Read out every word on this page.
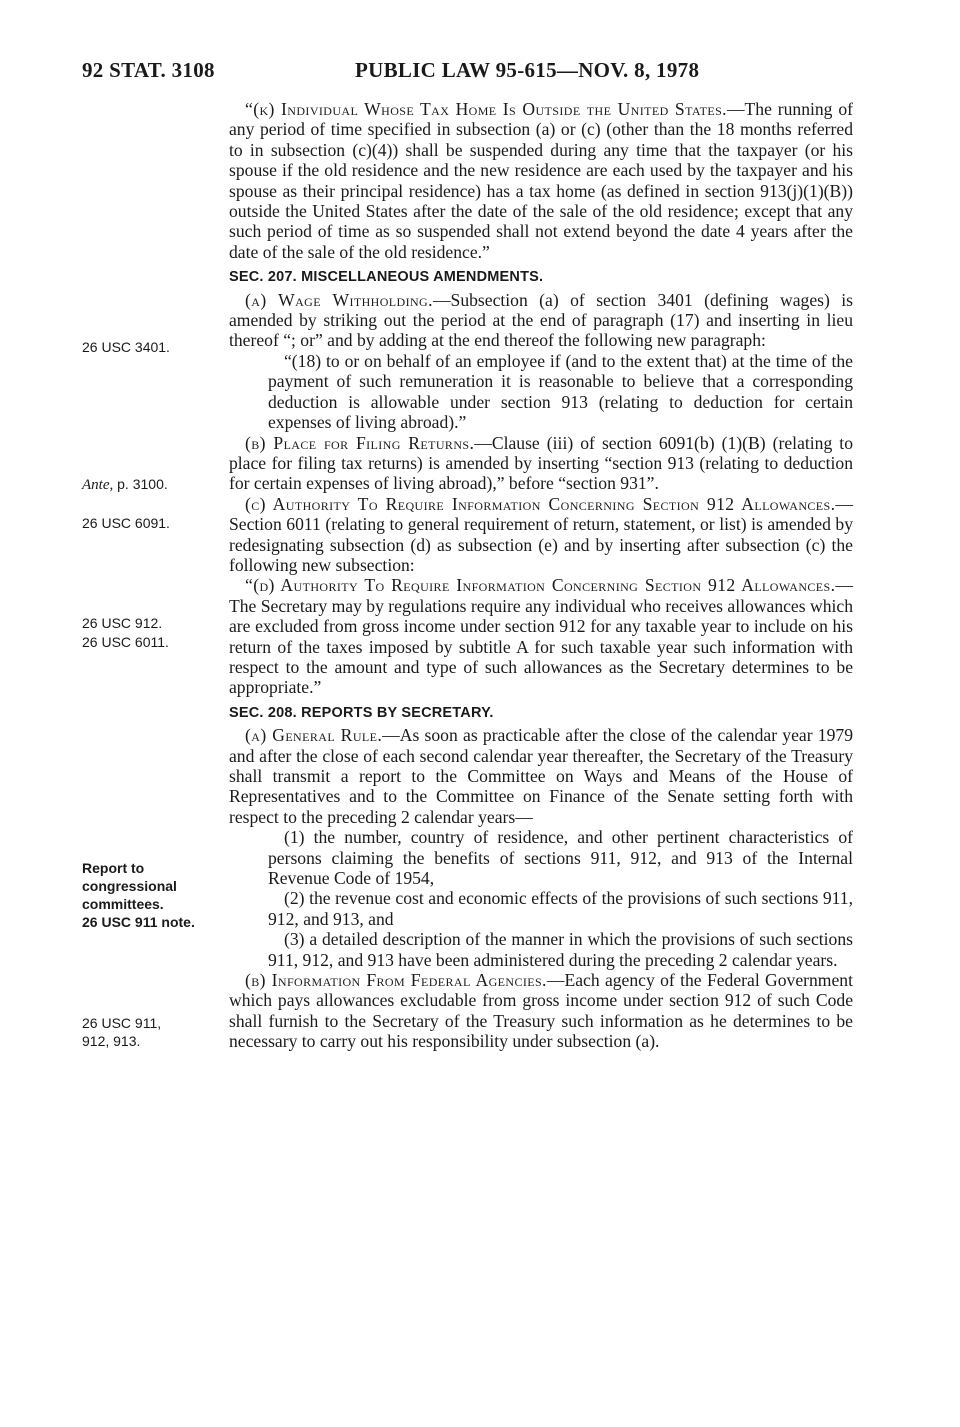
92 STAT. 3108	PUBLIC LAW 95-615—NOV. 8, 1978
26 USC 3401.
Ante, p. 3100.
26 USC 6091.
26 USC 912.
26 USC 6011.
Report to
congressional
committees.
26 USC 911 note.
26 USC 911,
912, 913.

“(k) Individual Whose Tax Home Is Outside the United States.—The running of any period of time specified in subsection (a) or (c) (other than the 18 months referred to in subsection (c)(4)) shall be suspended during any time that the taxpayer (or his spouse if the old residence and the new residence are each used by the taxpayer and his spouse as their principal residence) has a tax home (as defined in section 913(j)(1)(B)) outside the United States after the date of the sale of the old residence; except that any such period of time as so suspended shall not extend beyond the date 4 years after the date of the sale of the old residence.”

SEC. 207. MISCELLANEOUS AMENDMENTS.

(a) Wage Withholding.—Subsection (a) of section 3401 (defining wages) is amended by striking out the period at the end of paragraph (17) and inserting in lieu thereof “; or” and by adding at the end thereof the following new paragraph:

“(18) to or on behalf of an employee if (and to the extent that) at the time of the payment of such remuneration it is reasonable to believe that a corresponding deduction is allowable under section 913 (relating to deduction for certain expenses of living abroad).”

(b) Place for Filing Returns.—Clause (iii) of section 6091(b) (1)(B) (relating to place for filing tax returns) is amended by inserting “section 913 (relating to deduction for certain expenses of living abroad),” before “section 931”.

(c) Authority To Require Information Concerning Section 912 Allowances.—Section 6011 (relating to general requirement of return, statement, or list) is amended by redesignating subsection (d) as subsection (e) and by inserting after subsection (c) the following new subsection:

“(d) Authority To Require Information Concerning Section 912 Allowances.—The Secretary may by regulations require any individual who receives allowances which are excluded from gross income under section 912 for any taxable year to include on his return of the taxes imposed by subtitle A for such taxable year such information with respect to the amount and type of such allowances as the Secretary determines to be appropriate.”

SEC. 208. REPORTS BY SECRETARY.

(a) General Rule.—As soon as practicable after the close of the calendar year 1979 and after the close of each second calendar year thereafter, the Secretary of the Treasury shall transmit a report to the Committee on Ways and Means of the House of Representatives and to the Committee on Finance of the Senate setting forth with respect to the preceding 2 calendar years—

(1) the number, country of residence, and other pertinent characteristics of persons claiming the benefits of sections 911, 912, and 913 of the Internal Revenue Code of 1954,

(2) the revenue cost and economic effects of the provisions of such sections 911, 912, and 913, and

(3) a detailed description of the manner in which the provisions of such sections 911, 912, and 913 have been administered during the preceding 2 calendar years.

(b) Information From Federal Agencies.—Each agency of the Federal Government which pays allowances excludable from gross income under section 912 of such Code shall furnish to the Secretary of the Treasury such information as he determines to be necessary to carry out his responsibility under subsection (a).
